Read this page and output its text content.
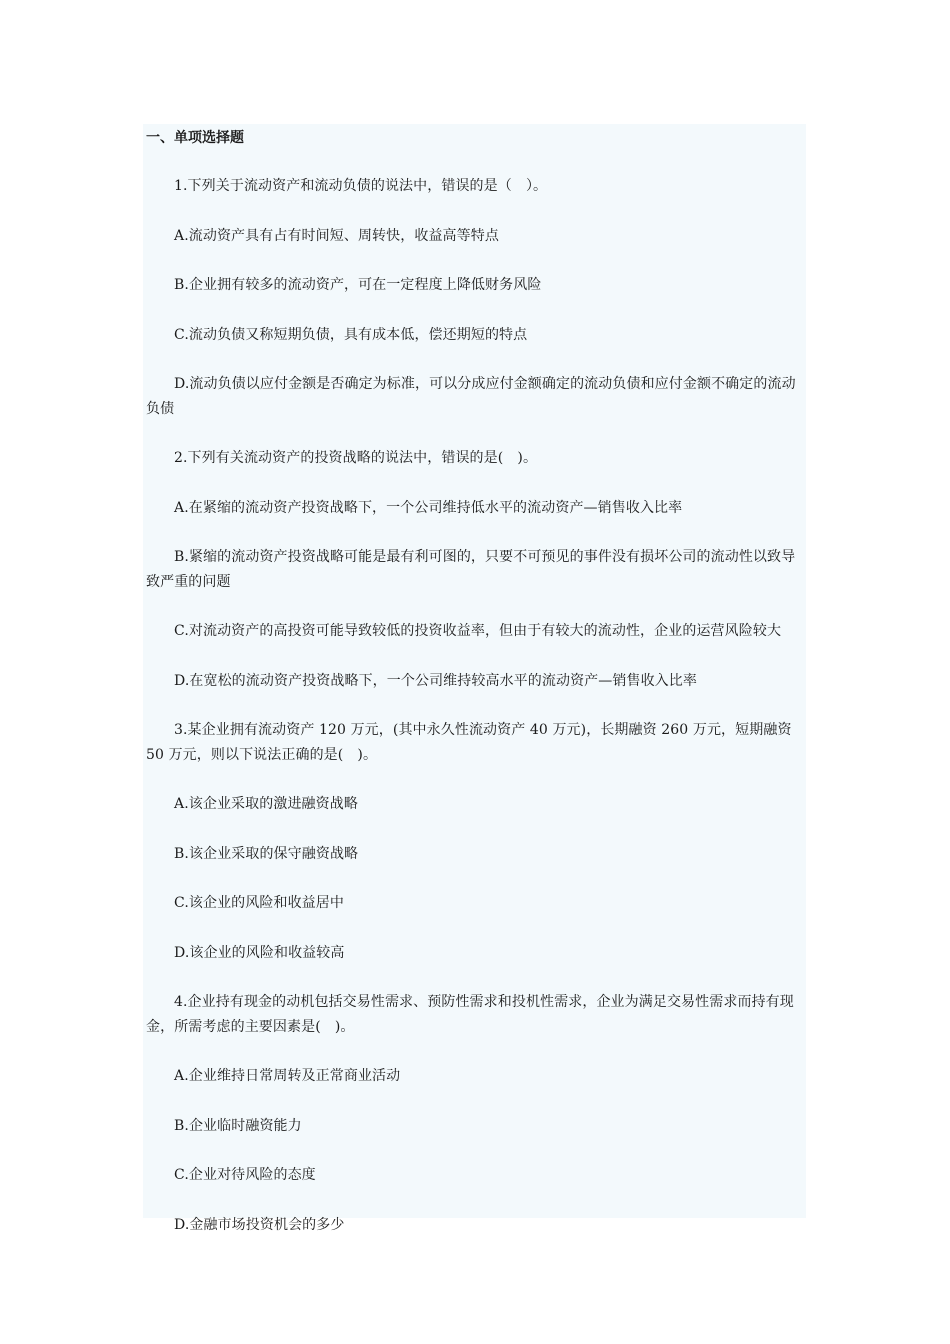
一、单项选择题

1.下列关于流动资产和流动负债的说法中，错误的是（　）。

A.流动资产具有占有时间短、周转快，收益高等特点

B.企业拥有较多的流动资产，可在一定程度上降低财务风险

C.流动负债又称短期负债，具有成本低，偿还期短的特点

D.流动负债以应付金额是否确定为标准，可以分成应付金额确定的流动负债和应付金额不确定的流动负债

2.下列有关流动资产的投资战略的说法中，错误的是(　)。

A.在紧缩的流动资产投资战略下，一个公司维持低水平的流动资产—销售收入比率

B.紧缩的流动资产投资战略可能是最有利可图的，只要不可预见的事件没有损坏公司的流动性以致导致严重的问题

C.对流动资产的高投资可能导致较低的投资收益率，但由于有较大的流动性，企业的运营风险较大

D.在宽松的流动资产投资战略下，一个公司维持较高水平的流动资产—销售收入比率

3.某企业拥有流动资产 120 万元，(其中永久性流动资产 40 万元)，长期融资 260 万元，短期融资 50 万元，则以下说法正确的是(　)。

A.该企业采取的激进融资战略

B.该企业采取的保守融资战略

C.该企业的风险和收益居中

D.该企业的风险和收益较高

4.企业持有现金的动机包括交易性需求、预防性需求和投机性需求，企业为满足交易性需求而持有现金，所需考虑的主要因素是(　)。

A.企业维持日常周转及正常商业活动

B.企业临时融资能力

C.企业对待风险的态度

D.金融市场投资机会的多少
